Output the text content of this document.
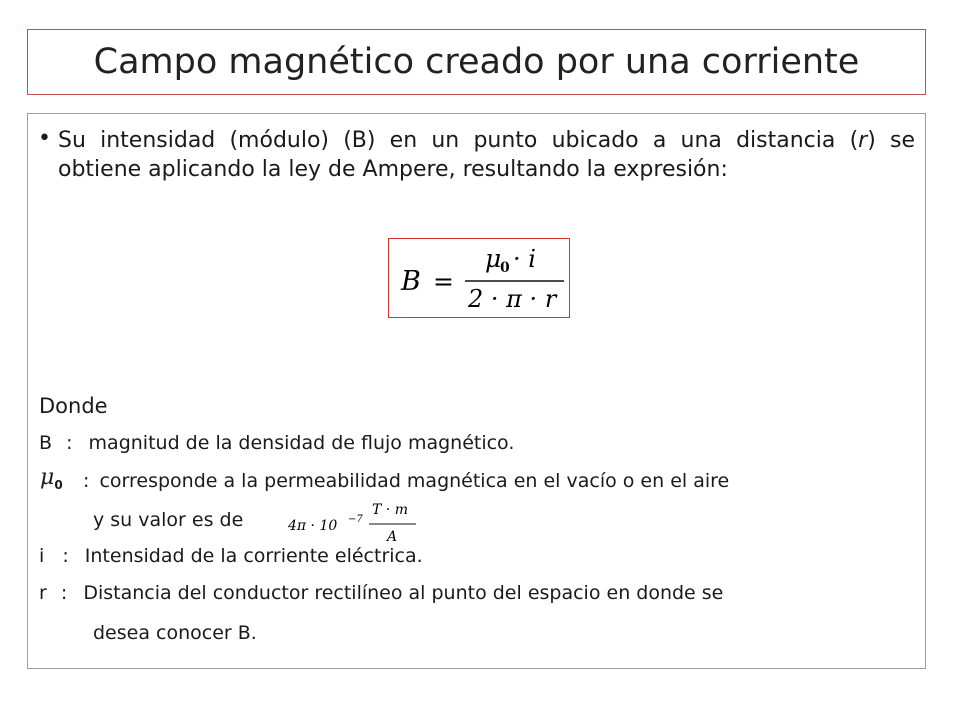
Campo magnético creado por una corriente
• Su intensidad (módulo) (B) en un punto ubicado a una distancia (r) se obtiene aplicando la ley de Ampere, resultando la expresión:
B =
μ
0 · i
2 · π · r
Donde
B : magnitud de la densidad de flujo magnético.
$\mu_0$ : corresponde a la permeabilidad magnética en el vacío o en el aire
y su valor es de	4π · 10 −7
T · m
A
i : Intensidad de la corriente eléctrica.
r : Distancia del conductor rectilíneo al punto del espacio en donde se
desea conocer B.
